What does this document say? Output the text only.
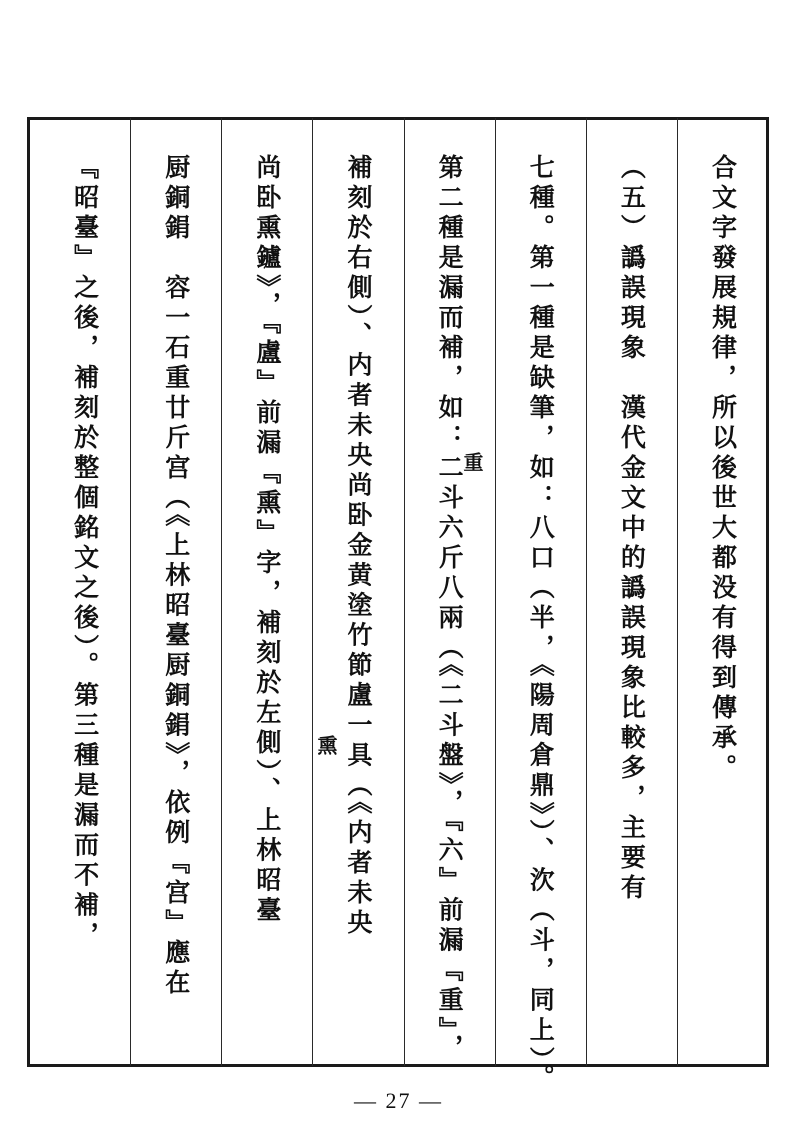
合文字發展規律，所以後世大都没有得到傳承。
（五）譌誤現象　漢代金文中的譌誤現象比較多，主要有
七種。第一種是缺筆，如：八口（半，《陽周倉鼎》）、㳄（斗，同上）。
第二種是漏而補，如：二斗六斤八兩（《二斗盤》，『六』前漏『重』，
補刻於右側）、内者未央尚卧金黄塗竹節盧一具（《内者未央
尚卧熏鑪》，『盧』前漏『熏』字，補刻於左側）、上林昭臺
厨銅鋗　容一石重廿斤宫（《上林昭臺厨銅鋗》，依例『宫』應在
『昭臺』之後，補刻於整個銘文之後）。第三種是漏而不補，	重
熏
— 27 —
